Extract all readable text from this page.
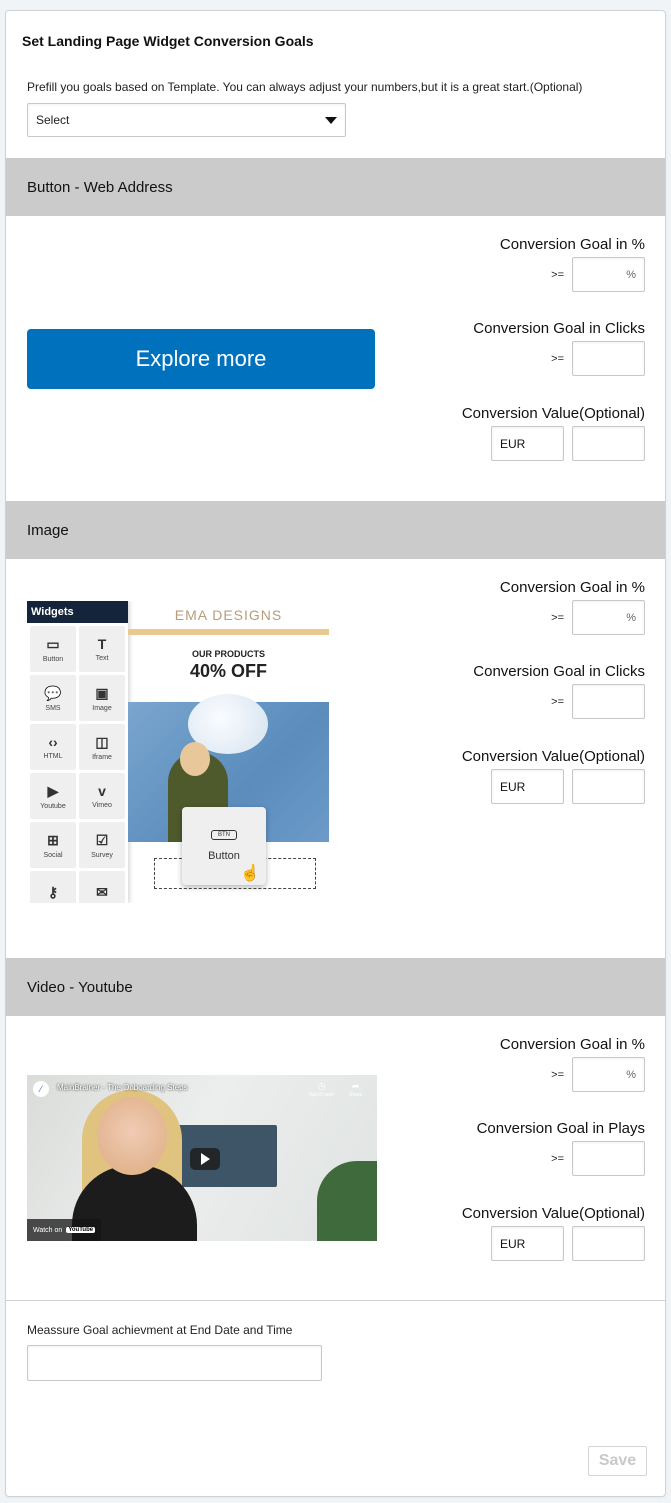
Set Landing Page Widget Conversion Goals
Prefill you goals based on Template. You can always adjust your numbers,but it is a great start.(Optional)
Select
Button - Web Address
Explore more
Conversion Goal in %
>=	%
Conversion Goal in Clicks
>=
Conversion Value(Optional)
EUR
Image
Widgets
▭
Button
T
Text
💬
SMS
▣
Image
‹›
HTML
◫
Iframe
▶
Youtube
v
Vimeo
⊞
Social
☑
Survey
⚷	✉
EMA DESIGNS
OUR PRODUCTS
40% OFF
BTN
Button
☝
Conversion Goal in %
>=	%
Conversion Goal in Clicks
>=
Conversion Value(Optional)
EUR
Video - Youtube
⁄	MainBrainer - The Onboarding Steps	◷
Watch later
➦
Share
Watch on	YouTube
Conversion Goal in %
>=	%
Conversion Goal in Plays
>=
Conversion Value(Optional)
EUR
Meassure Goal achievment at End Date and Time
Save
